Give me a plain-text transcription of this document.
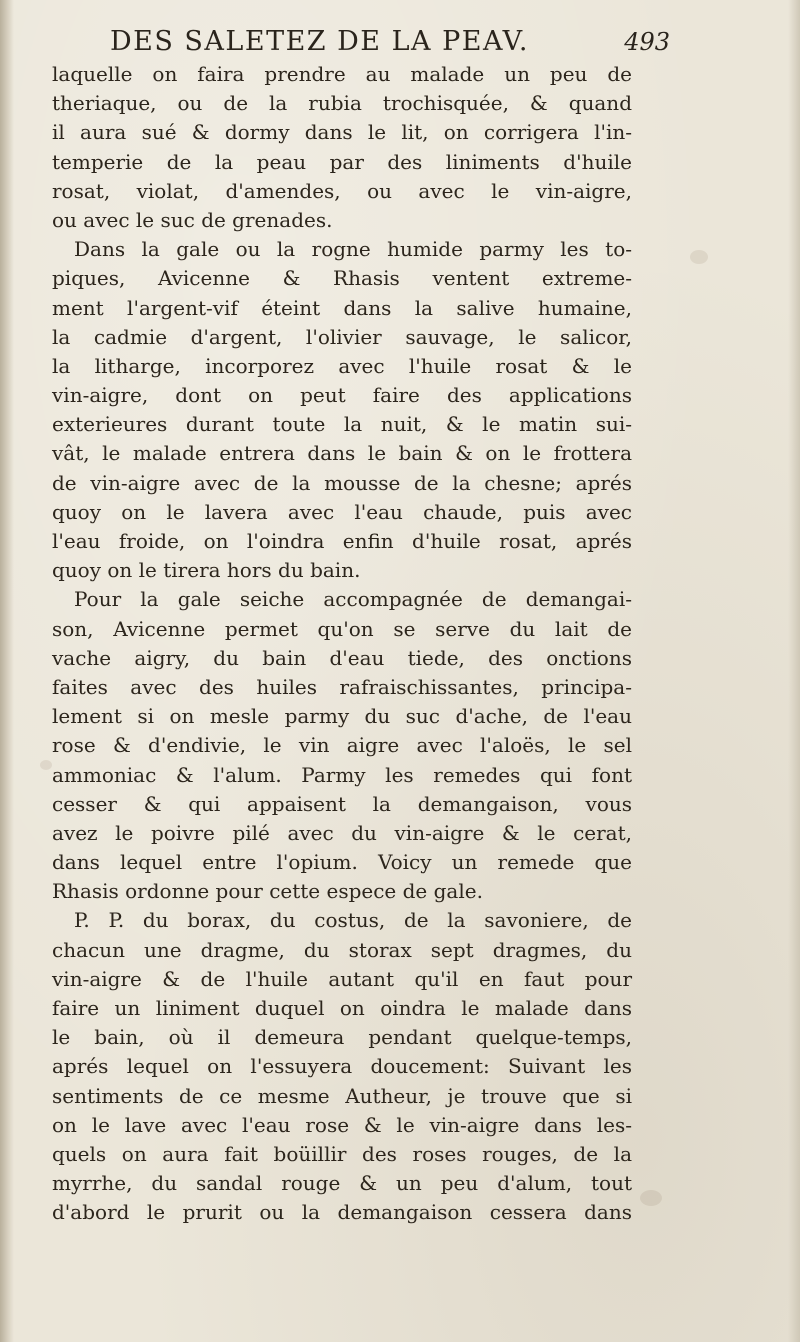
DES SALETEZ DE LA PEAV.	493
laquelle on faira prendre au malade un peu de
theriaque, ou de la rubia trochisquée, & quand
il aura sué & dormy dans le lit, on corrigera l'in-
temperie de la peau par des liniments d'huile
rosat, violat, d'amendes, ou avec le vin-aigre,
ou avec le suc de grenades.
Dans la gale ou la rogne humide parmy les to-
piques, Avicenne & Rhasis ventent extreme-
ment l'argent-vif éteint dans la salive humaine,
la cadmie d'argent, l'olivier sauvage, le salicor,
la litharge, incorporez avec l'huile rosat & le
vin-aigre, dont on peut faire des applications
exterieures durant toute la nuit, & le matin sui-
vât, le malade entrera dans le bain & on le frottera
de vin-aigre avec de la mousse de la chesne; aprés
quoy on le lavera avec l'eau chaude, puis avec
l'eau froide, on l'oindra enfin d'huile rosat, aprés
quoy on le tirera hors du bain.
Pour la gale seiche accompagnée de demangai-
son, Avicenne permet qu'on se serve du lait de
vache aigry, du bain d'eau tiede, des onctions
faites avec des huiles rafraischissantes, principa-
lement si on mesle parmy du suc d'ache, de l'eau
rose & d'endivie, le vin aigre avec l'aloës, le sel
ammoniac & l'alum. Parmy les remedes qui font
cesser & qui appaisent la demangaison, vous
avez le poivre pilé avec du vin-aigre & le cerat,
dans lequel entre l'opium. Voicy un remede que
Rhasis ordonne pour cette espece de gale.
P. P. du borax, du costus, de la savoniere, de
chacun une dragme, du storax sept dragmes, du
vin-aigre & de l'huile autant qu'il en faut pour
faire un liniment duquel on oindra le malade dans
le bain, où il demeura pendant quelque-temps,
aprés lequel on l'essuyera doucement: Suivant les
sentiments de ce mesme Autheur, je trouve que si
on le lave avec l'eau rose & le vin-aigre dans les-
quels on aura fait boüillir des roses rouges, de la
myrrhe, du sandal rouge & un peu d'alum, tout
d'abord le prurit ou la demangaison cessera dans
